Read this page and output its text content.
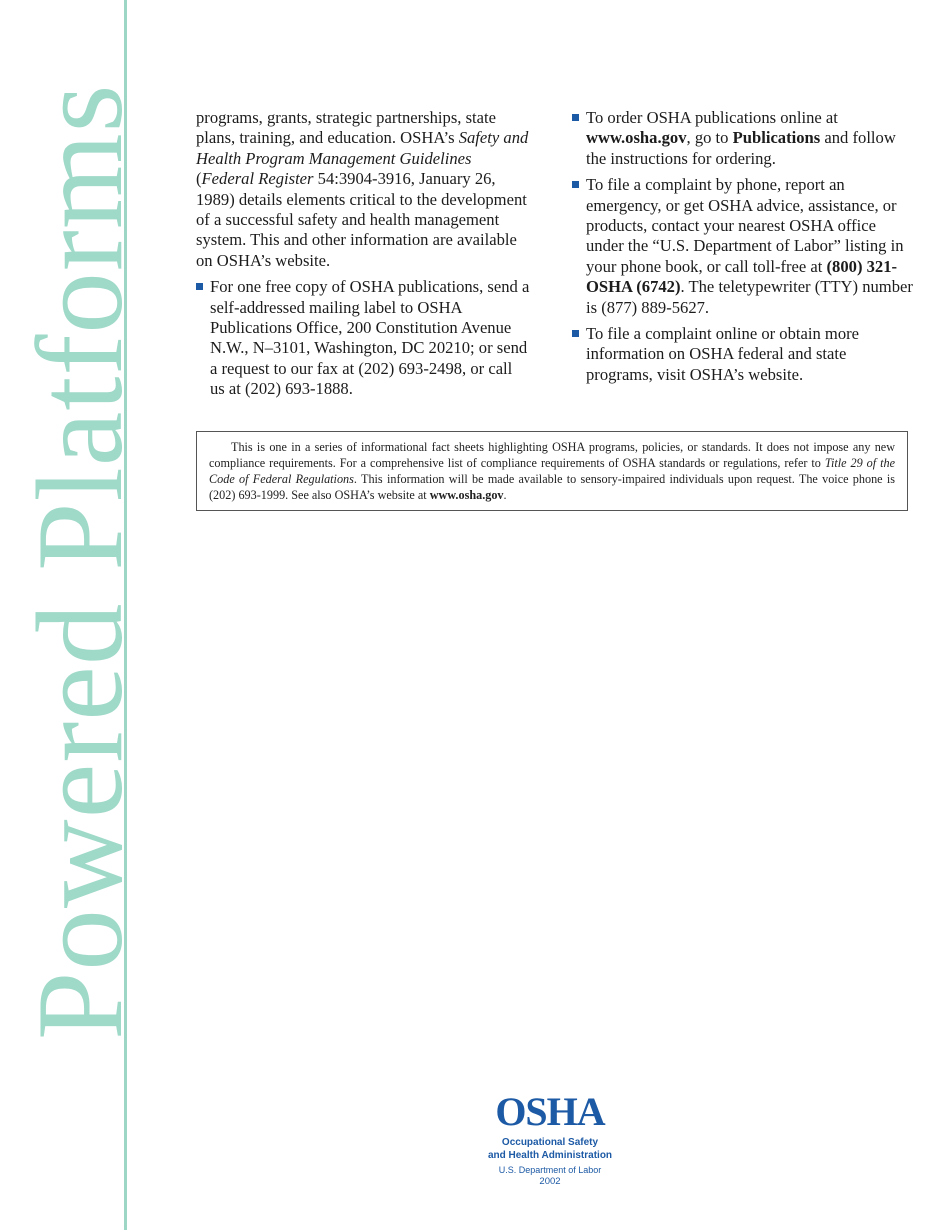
Powered Platforms	programs, grants, strategic partnerships, state plans, training, and education. OSHA’s Safety and Health Program Management Guidelines (Federal Register 54:3904-3916, January 26, 1989) details elements critical to the development of a successful safety and health management system. This and other information are available on OSHA’s website.

For one free copy of OSHA publications, send a self-addressed mailing label to OSHA Publications Office, 200 Constitution Avenue N.W., N–3101, Washington, DC 20210; or send a request to our fax at (202) 693-2498, or call us at (202) 693-1888.
To order OSHA publications online at www.osha.gov, go to Publications and follow the instructions for ordering.
To file a complaint by phone, report an emergency, or get OSHA advice, assistance, or products, contact your nearest OSHA office under the “U.S. Department of Labor” listing in your phone book, or call toll-free at (800) 321-OSHA (6742). The teletypewriter (TTY) number is (877) 889-5627.
To file a complaint online or obtain more information on OSHA federal and state programs, visit OSHA’s website.
This is one in a series of informational fact sheets highlighting OSHA programs, policies, or standards. It does not impose any new compliance requirements. For a comprehensive list of compliance requirements of OSHA standards or regulations, refer to Title 29 of the Code of Federal Regulations. This information will be made available to sensory-impaired individuals upon request. The voice phone is (202) 693-1999. See also OSHA’s website at www.osha.gov.
OSHA
Occupational Safety
and Health Administration
U.S. Department of Labor
2002
